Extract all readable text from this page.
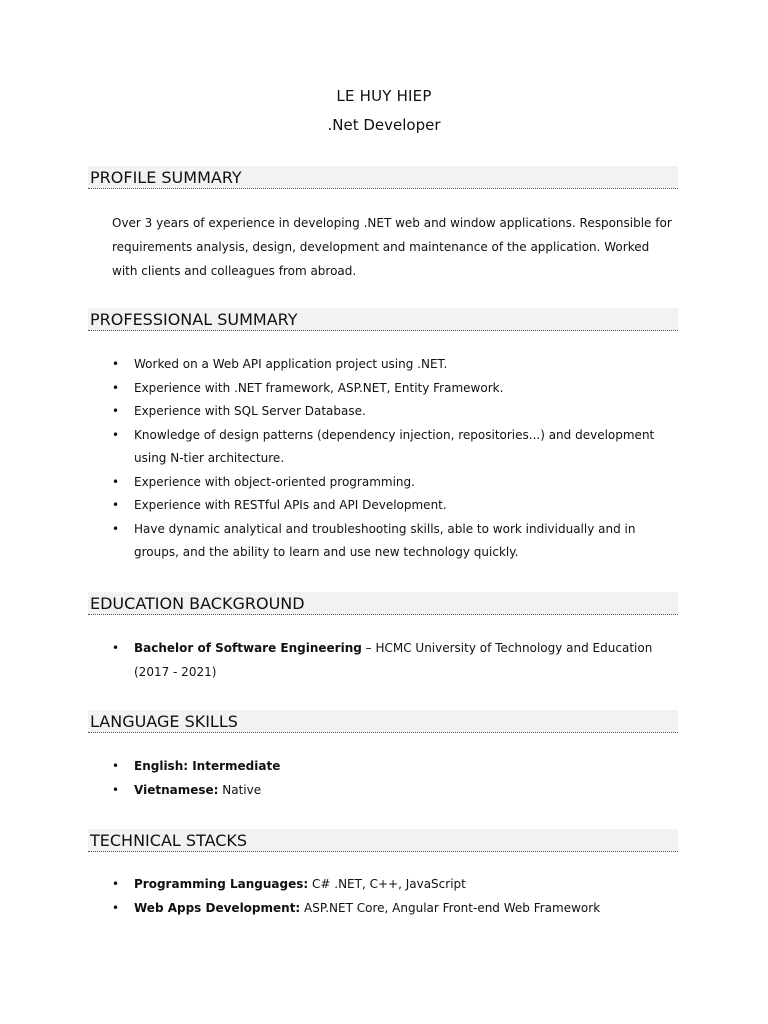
LE HUY HIEP
.Net Developer
PROFILE SUMMARY

Over 3 years of experience in developing .NET web and window applications. Responsible for requirements analysis, design, development and maintenance of the application. Worked with clients and colleagues from abroad.

PROFESSIONAL SUMMARY
• Worked on a Web API application project using .NET.
• Experience with .NET framework, ASP.NET, Entity Framework.
• Experience with SQL Server Database.
• Knowledge of design patterns (dependency injection, repositories...) and development using N-tier architecture.
• Experience with object-oriented programming.
• Experience with RESTful APIs and API Development.
• Have dynamic analytical and troubleshooting skills, able to work individually and in groups, and the ability to learn and use new technology quickly.
EDUCATION BACKGROUND
• Bachelor of Software Engineering – HCMC University of Technology and Education (2017 - 2021)
LANGUAGE SKILLS
• English: Intermediate
• Vietnamese: Native
TECHNICAL STACKS
• Programming Languages: C# .NET, C++, JavaScript
• Web Apps Development: ASP.NET Core, Angular Front-end Web Framework
